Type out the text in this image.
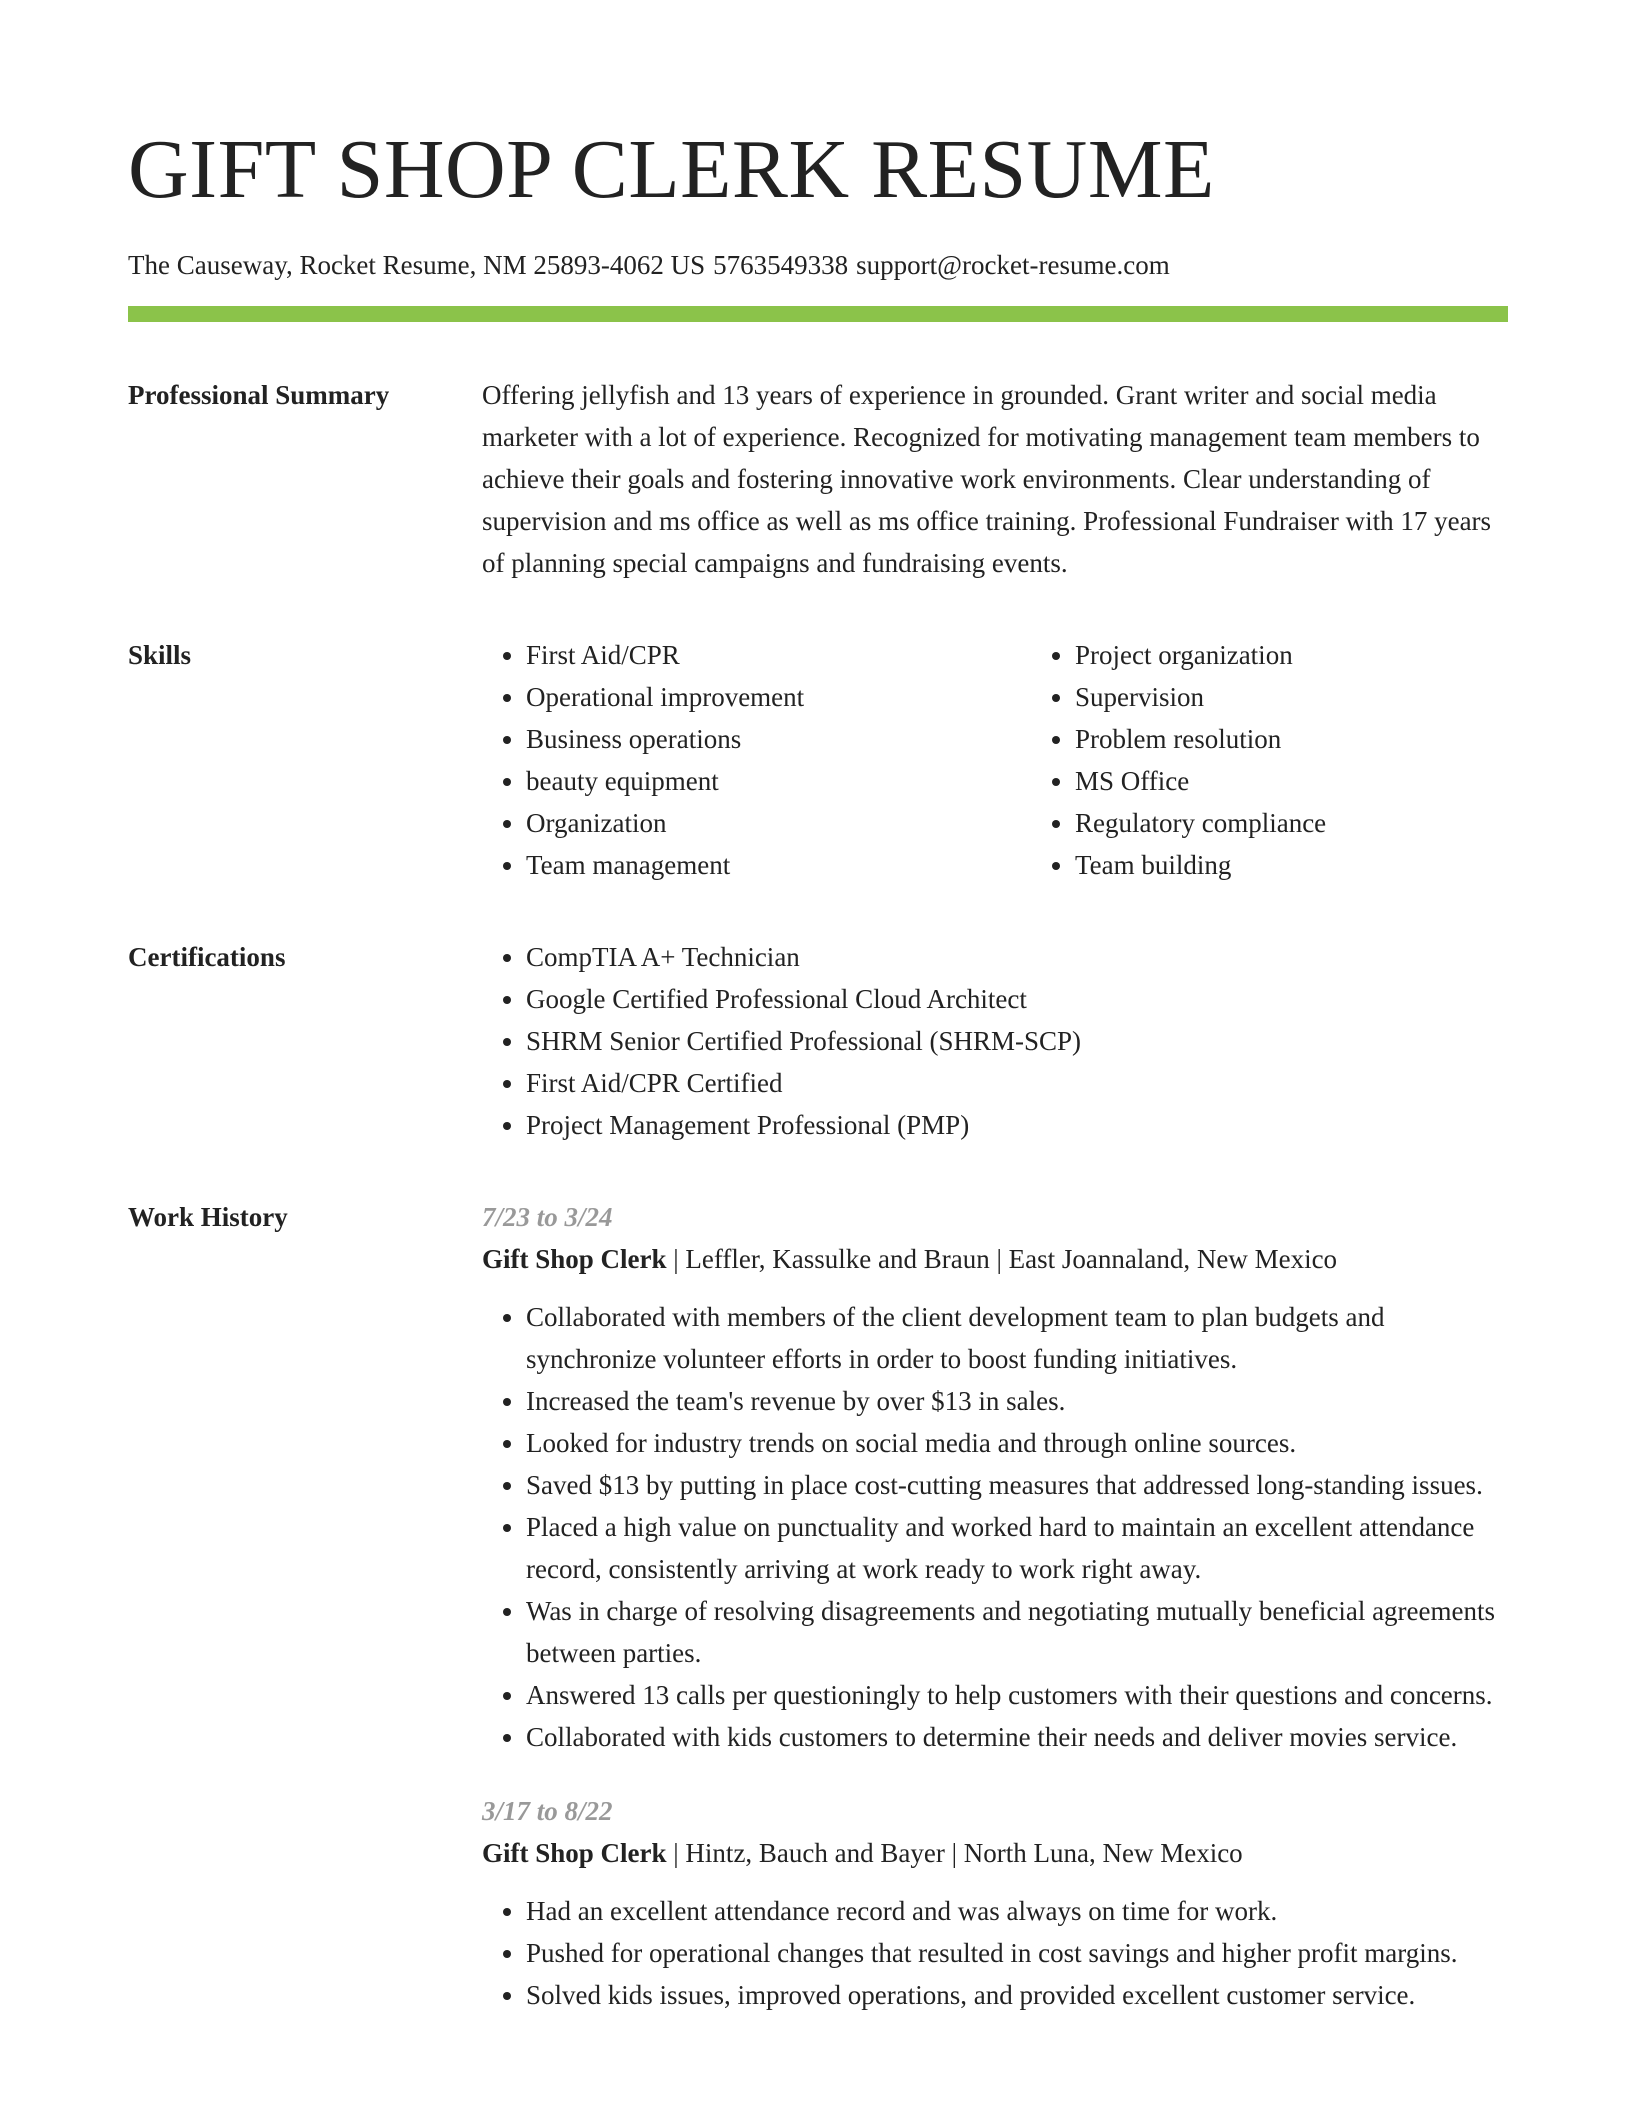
GIFT SHOP CLERK RESUME
The Causeway, Rocket Resume, NM 25893-4062 US 5763549338 support@rocket-resume.com
Professional Summary	Offering jellyfish and 13 years of experience in grounded. Grant writer and social media marketer with a lot of experience. Recognized for motivating management team members to achieve their goals and fostering innovative work environments. Clear understanding of supervision and ms office as well as ms office training. Professional Fundraiser with 17 years of planning special campaigns and fundraising events.

Skills	• First Aid/CPR
• Operational improvement
• Business operations
• beauty equipment
• Organization
• Team management
• Project organization
• Supervision
• Problem resolution
• MS Office
• Regulatory compliance
• Team building
Certifications	• CompTIA A+ Technician
• Google Certified Professional Cloud Architect
• SHRM Senior Certified Professional (SHRM-SCP)
• First Aid/CPR Certified
• Project Management Professional (PMP)
Work History	7/23 to 3/24
Gift Shop Clerk | Leffler, Kassulke and Braun | East Joannaland, New Mexico
• Collaborated with members of the client development team to plan budgets and synchronize volunteer efforts in order to boost funding initiatives.
• Increased the team's revenue by over $13 in sales.
• Looked for industry trends on social media and through online sources.
• Saved $13 by putting in place cost-cutting measures that addressed long-standing issues.
• Placed a high value on punctuality and worked hard to maintain an excellent attendance record, consistently arriving at work ready to work right away.
• Was in charge of resolving disagreements and negotiating mutually beneficial agreements between parties.
• Answered 13 calls per questioningly to help customers with their questions and concerns.
• Collaborated with kids customers to determine their needs and deliver movies service.
3/17 to 8/22
Gift Shop Clerk | Hintz, Bauch and Bayer | North Luna, New Mexico
• Had an excellent attendance record and was always on time for work.
• Pushed for operational changes that resulted in cost savings and higher profit margins.
• Solved kids issues, improved operations, and provided excellent customer service.
